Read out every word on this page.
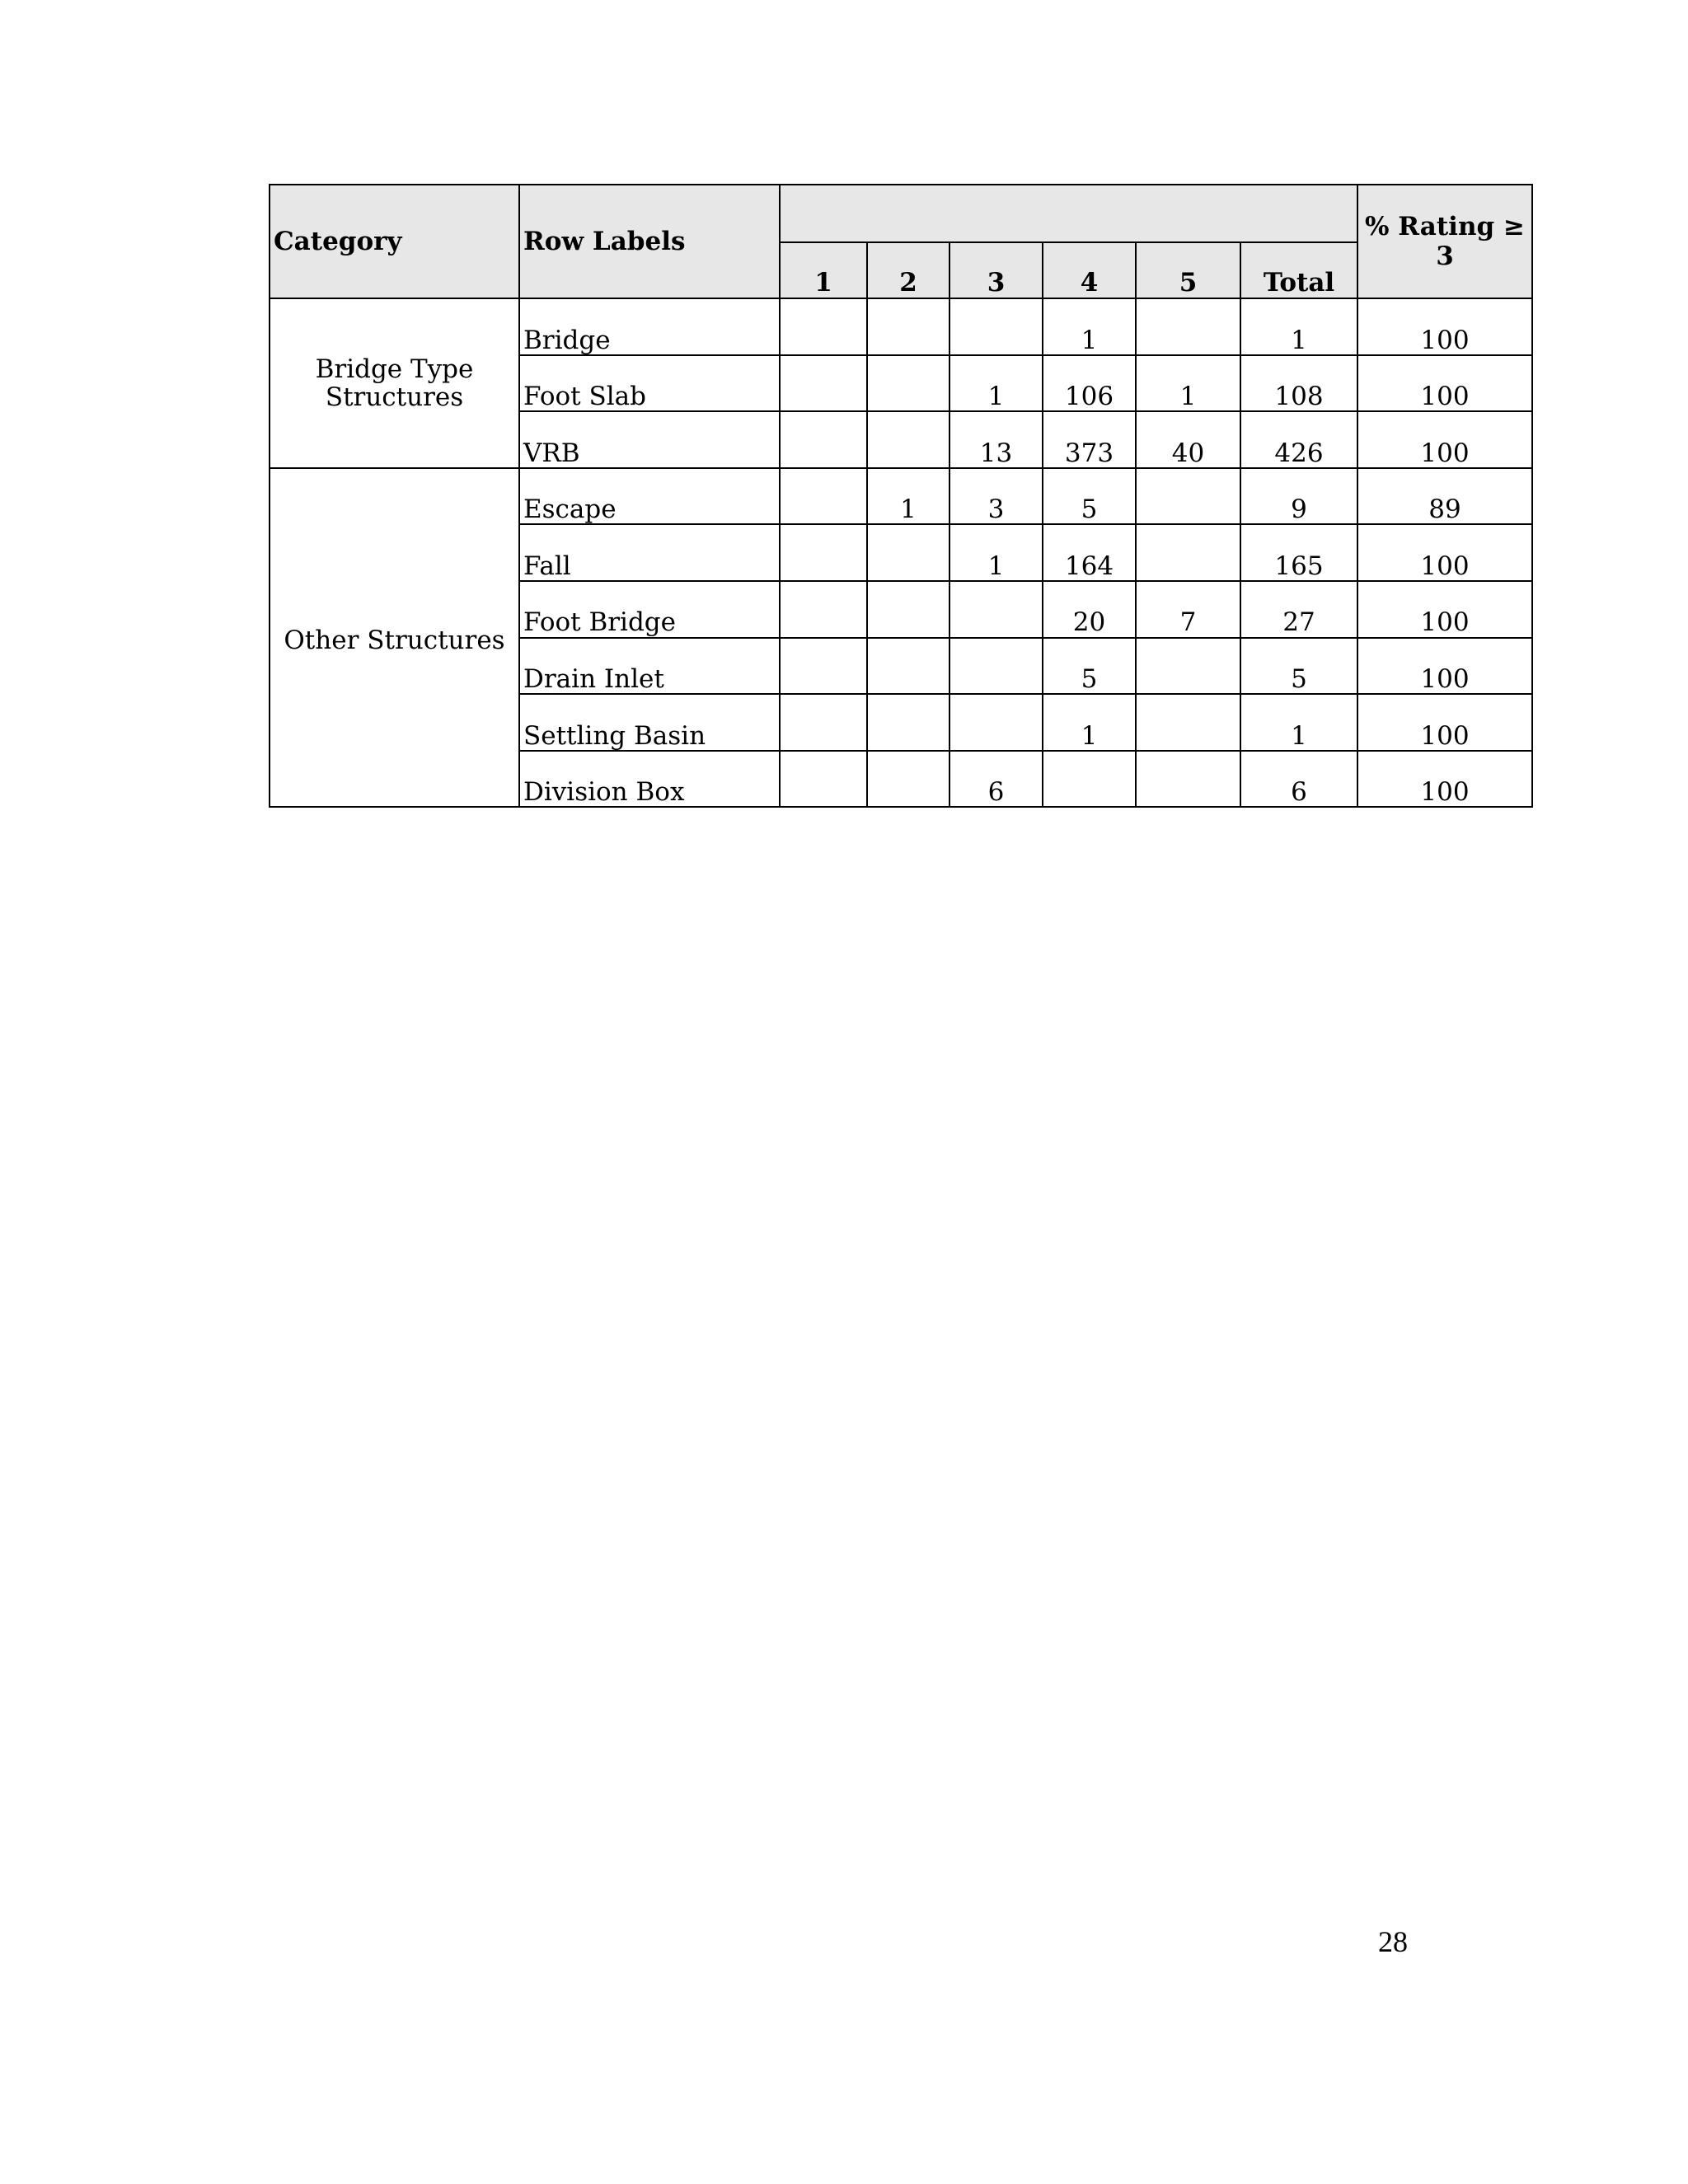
Category	Row Labels							% Rating ≥ 3
		1	2	3	4	5	Total	
Bridge Type Structures	Bridge				1		1	100
	Foot Slab			1	106	1	108	100
	VRB			13	373	40	426	100
Other Structures	Escape		1	3	5		9	89
	Fall			1	164		165	100
	Foot Bridge				20	7	27	100
	Drain Inlet				5		5	100
	Settling Basin				1		1	100
	Division Box			6			6	100
28
